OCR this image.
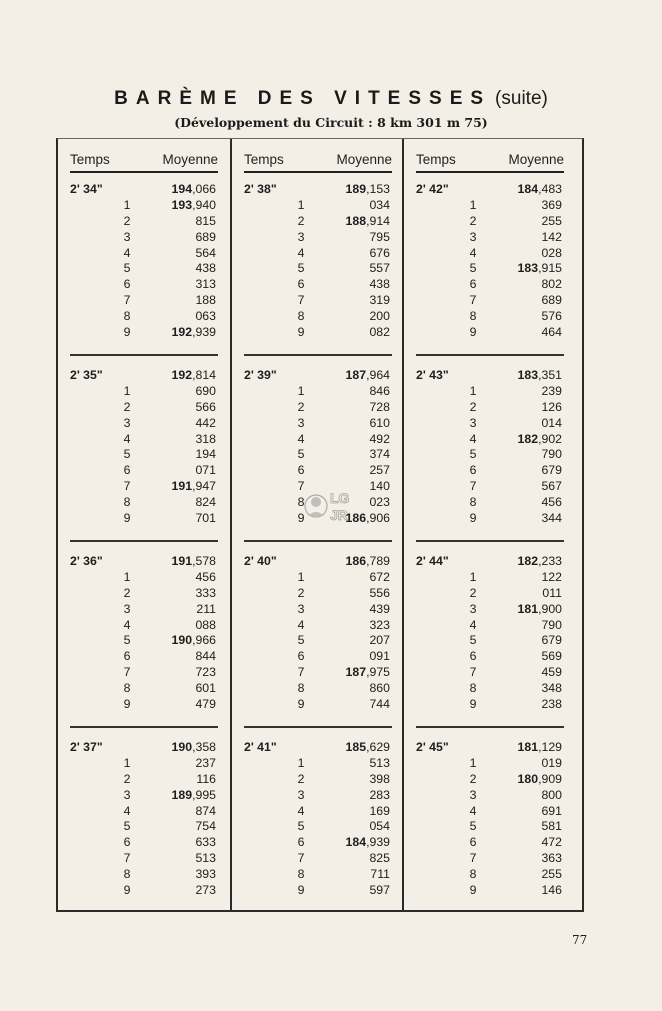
BARÈME DES VITESSES (suite)
(Développement du Circuit : 8 km 301 m 75)
Temps	Moyenne
2' 34"	194,066
1	193,940
2	815
3	689
4	564
5	438
6	313
7	188
8	063
9	192,939
2' 35"	192,814
1	690
2	566
3	442
4	318
5	194
6	071
7	191,947
8	824
9	701
2' 36"	191,578
1	456
2	333
3	211
4	088
5	190,966
6	844
7	723
8	601
9	479
2' 37"	190,358
1	237
2	116
3	189,995
4	874
5	754
6	633
7	513
8	393
9	273
Temps	Moyenne
2' 38"	189,153
1	034
2	188,914
3	795
4	676
5	557
6	438
7	319
8	200
9	082
2' 39"	187,964
1	846
2	728
3	610
4	492
5	374
6	257
7	140
8	023
9	186,906
2' 40"	186,789
1	672
2	556
3	439
4	323
5	207
6	091
7	187,975
8	860
9	744
2' 41"	185,629
1	513
2	398
3	283
4	169
5	054
6	184,939
7	825
8	711
9	597
Temps	Moyenne
2' 42"	184,483
1	369
2	255
3	142
4	028
5	183,915
6	802
7	689
8	576
9	464
2' 43"	183,351
1	239
2	126
3	014
4	182,902
5	790
6	679
7	567
8	456
9	344
2' 44"	182,233
1	122
2	011
3	181,900
4	790
5	679
6	569
7	459
8	348
9	238
2' 45"	181,129
1	019
2	180,909
3	800
4	691
5	581
6	472
7	363
8	255
9	146
LG
JR
77
